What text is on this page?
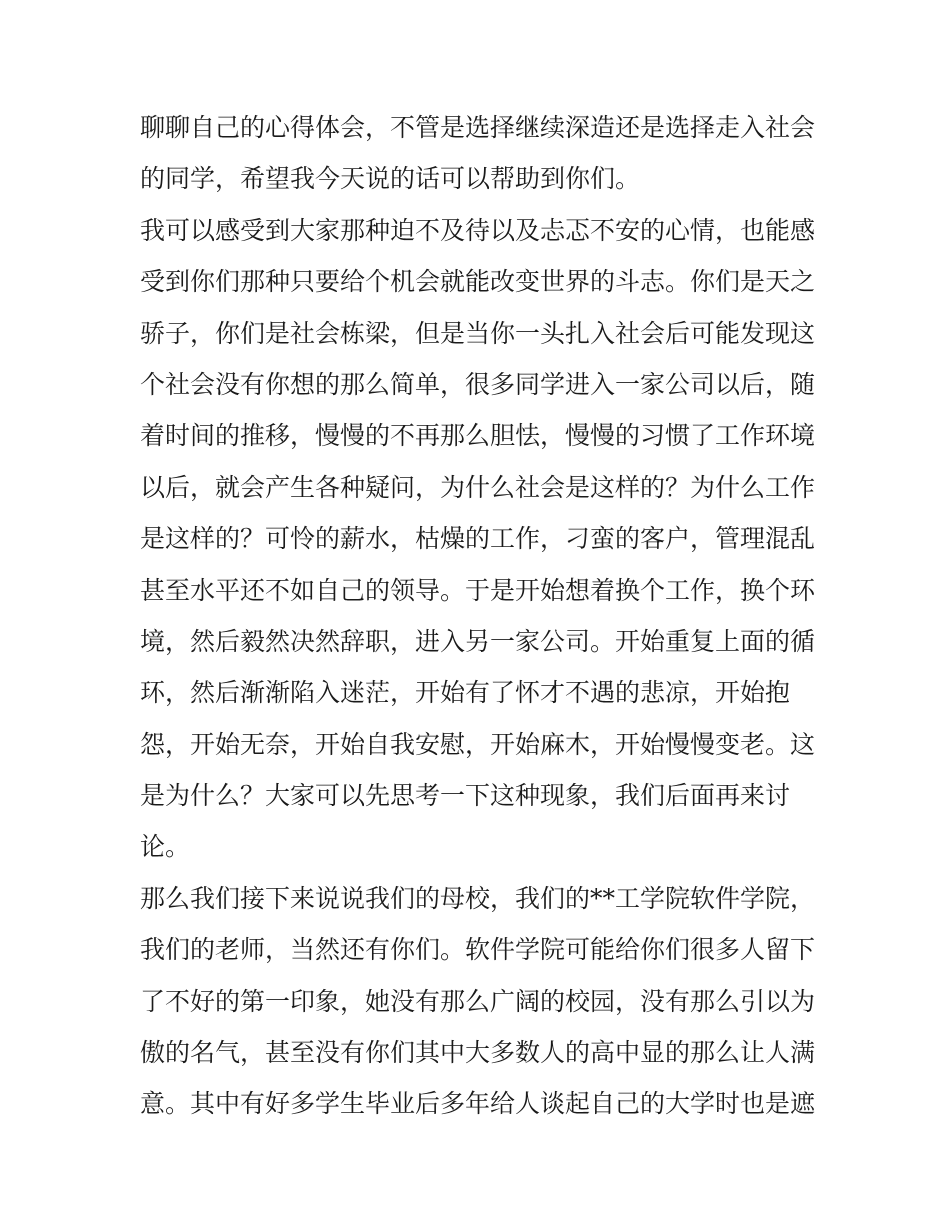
聊聊自己的心得体会，不管是选择继续深造还是选择走入社会
的同学，希望我今天说的话可以帮助到你们。
我可以感受到大家那种迫不及待以及忐忑不安的心情，也能感
受到你们那种只要给个机会就能改变世界的斗志。你们是天之
骄子，你们是社会栋梁，但是当你一头扎入社会后可能发现这
个社会没有你想的那么简单，很多同学进入一家公司以后，随
着时间的推移，慢慢的不再那么胆怯，慢慢的习惯了工作环境
以后，就会产生各种疑问，为什么社会是这样的？为什么工作
是这样的？可怜的薪水，枯燥的工作，刁蛮的客户，管理混乱
甚至水平还不如自己的领导。于是开始想着换个工作，换个环
境，然后毅然决然辞职，进入另一家公司。开始重复上面的循
环，然后渐渐陷入迷茫，开始有了怀才不遇的悲凉，开始抱
怨，开始无奈，开始自我安慰，开始麻木，开始慢慢变老。这
是为什么？大家可以先思考一下这种现象，我们后面再来讨
论。
那么我们接下来说说我们的母校，我们的**工学院软件学院，
我们的老师，当然还有你们。软件学院可能给你们很多人留下
了不好的第一印象，她没有那么广阔的校园，没有那么引以为
傲的名气，甚至没有你们其中大多数人的高中显的那么让人满
意。其中有好多学生毕业后多年给人谈起自己的大学时也是遮
